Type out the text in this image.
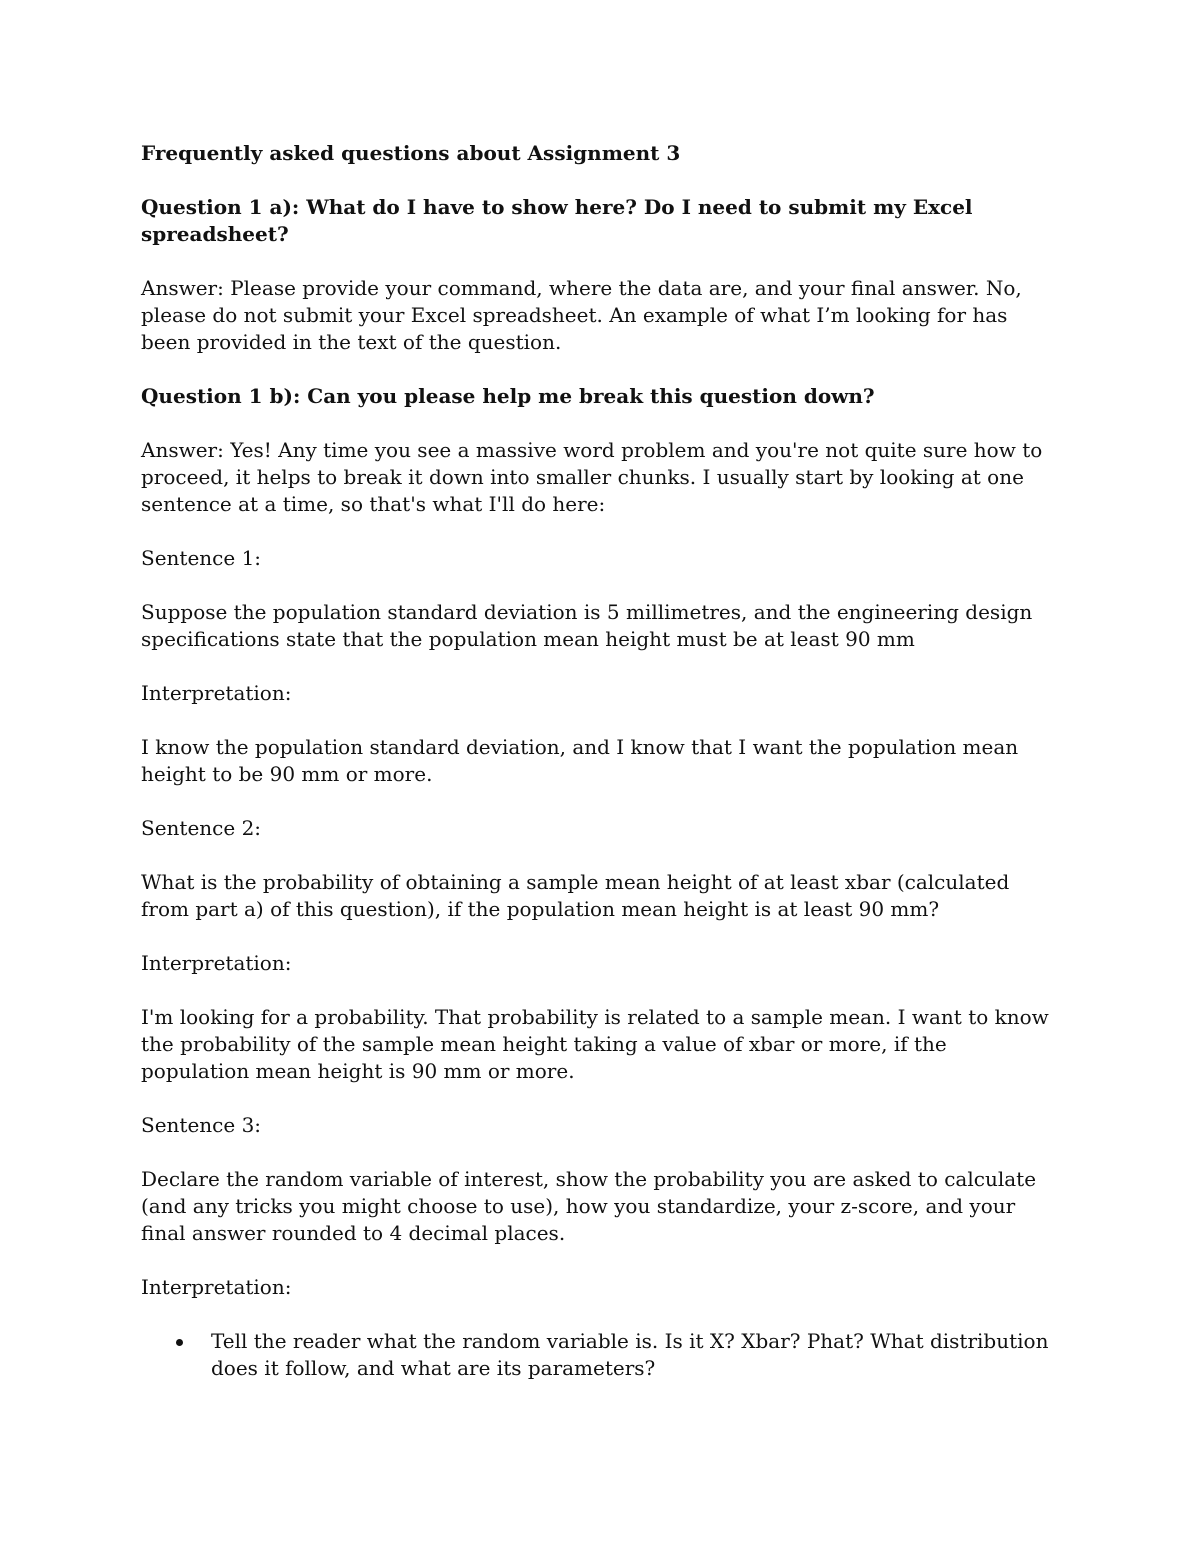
Frequently asked questions about Assignment 3

Question 1 a): What do I have to show here? Do I need to submit my Excel spreadsheet?

Answer: Please provide your command, where the data are, and your final answer. No, please do not submit your Excel spreadsheet. An example of what I’m looking for has been provided in the text of the question.

Question 1 b): Can you please help me break this question down?

Answer: Yes! Any time you see a massive word problem and you're not quite sure how to proceed, it helps to break it down into smaller chunks. I usually start by looking at one sentence at a time, so that's what I'll do here:

Sentence 1:

Suppose the population standard deviation is 5 millimetres, and the engineering design specifications state that the population mean height must be at least 90 mm

Interpretation:

I know the population standard deviation, and I know that I want the population mean height to be 90 mm or more.

Sentence 2:

What is the probability of obtaining a sample mean height of at least xbar (calculated from part a) of this question), if the population mean height is at least 90 mm?

Interpretation:

I'm looking for a probability. That probability is related to a sample mean. I want to know the probability of the sample mean height taking a value of xbar or more, if the population mean height is 90 mm or more.

Sentence 3:

Declare the random variable of interest, show the probability you are asked to calculate (and any tricks you might choose to use), how you standardize, your z-score, and your final answer rounded to 4 decimal places.

Interpretation:

Tell the reader what the random variable is. Is it X? Xbar? Phat? What distribution does it follow, and what are its parameters?
